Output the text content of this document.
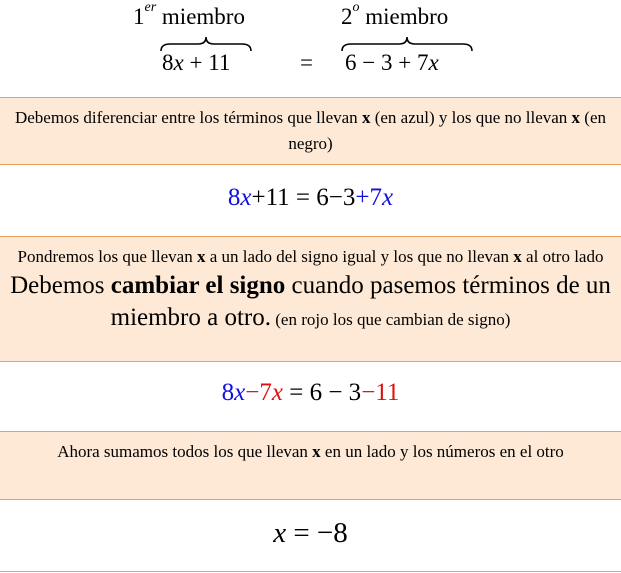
1er miembro	2$^o$ miembro
8x + 11	= 6 − 3 + 7x
Debemos diferenciar entre los términos que llevan x (en azul) y los que no llevan x (en negro)
8x+11 = 6−3+7x
Pondremos los que llevan x a un lado del signo igual y los que no llevan x al otro lado
Debemos cambiar el signo cuando pasemos términos de un miembro a otro. (en rojo los que cambian de signo)
8x−7x = 6 − 3−11
Ahora sumamos todos los que llevan x en un lado y los números en el otro
x = −8
